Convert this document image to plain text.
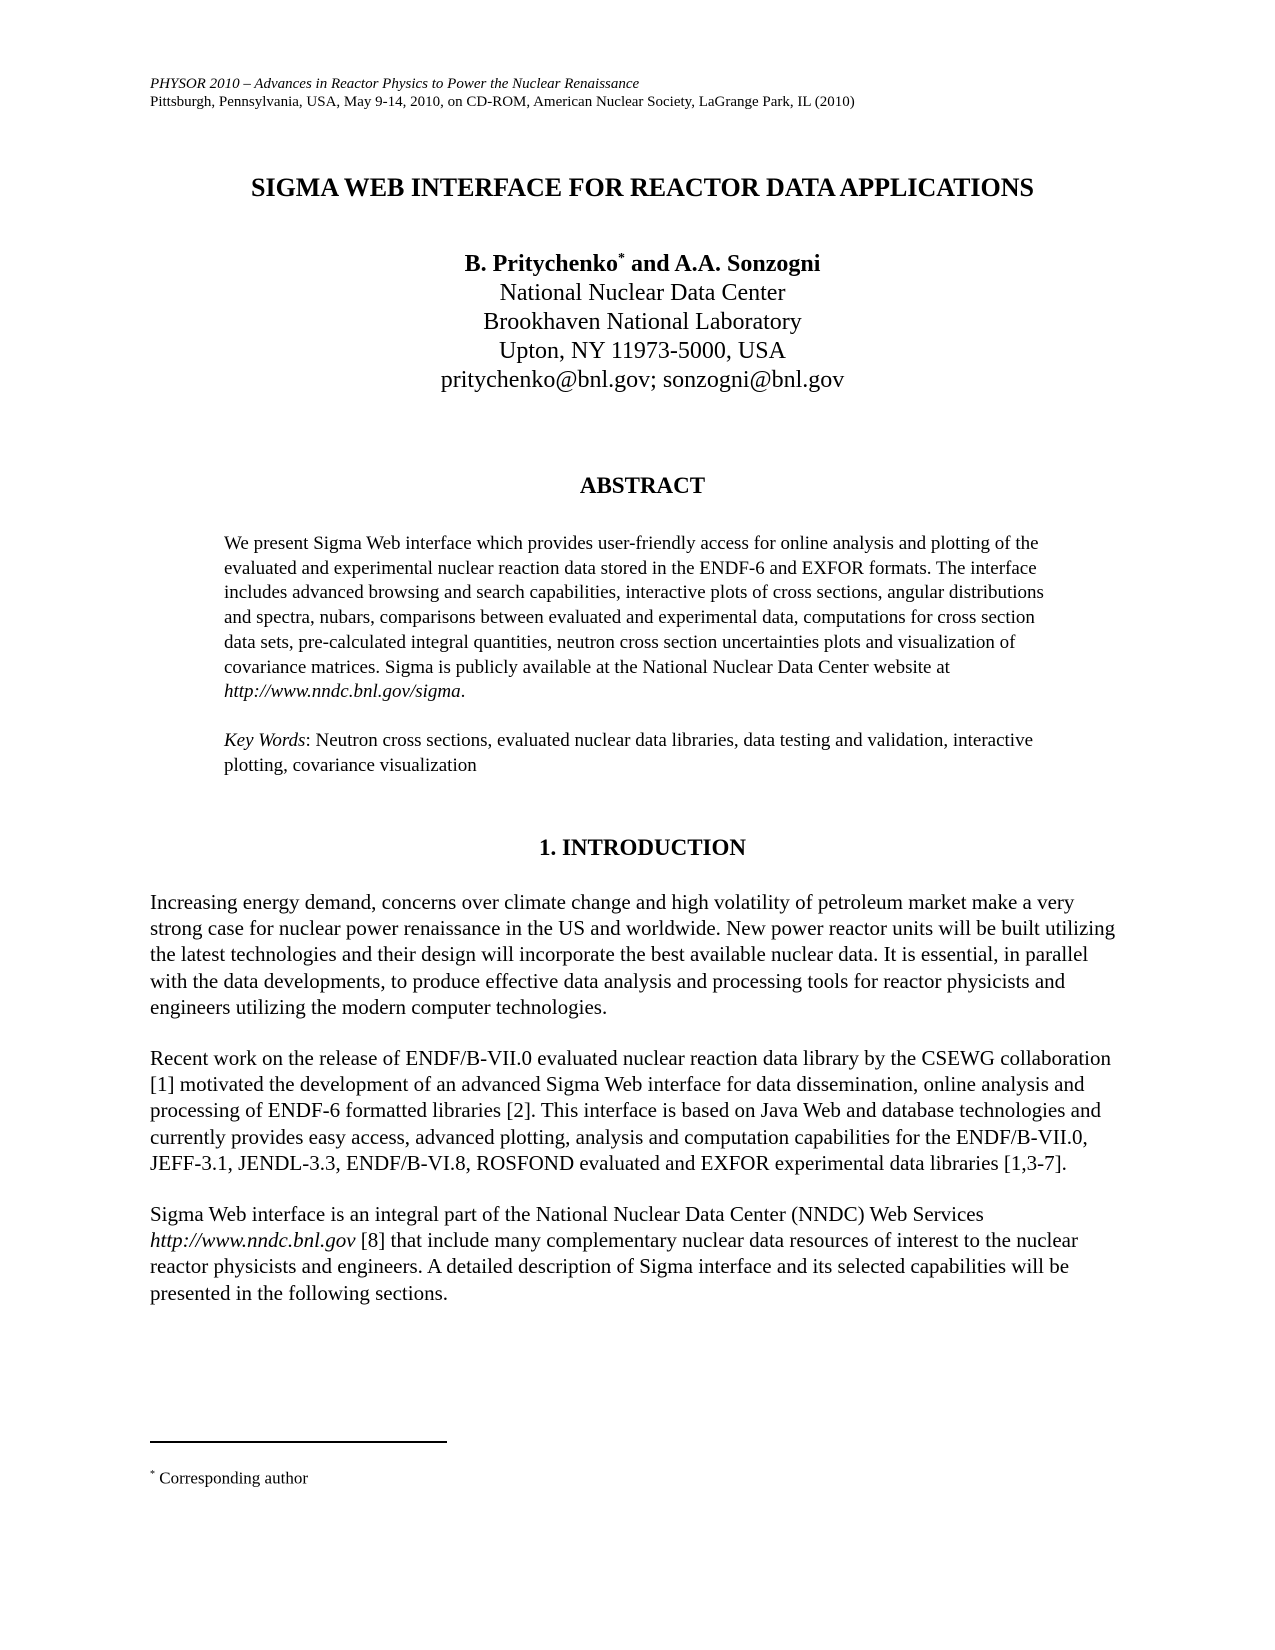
PHYSOR 2010 – Advances in Reactor Physics to Power the Nuclear Renaissance
Pittsburgh, Pennsylvania, USA, May 9-14, 2010, on CD-ROM, American Nuclear Society, LaGrange Park, IL (2010)
SIGMA WEB INTERFACE FOR REACTOR DATA APPLICATIONS
B. Pritychenko* and A.A. Sonzogni
National Nuclear Data Center
Brookhaven National Laboratory
Upton, NY 11973-5000, USA
pritychenko@bnl.gov; sonzogni@bnl.gov
ABSTRACT

We present Sigma Web interface which provides user-friendly access for online analysis and plotting of the evaluated and experimental nuclear reaction data stored in the ENDF-6 and EXFOR formats. The interface includes advanced browsing and search capabilities, interactive plots of cross sections, angular distributions and spectra, nubars, comparisons between evaluated and experimental data, computations for cross section data sets, pre-calculated integral quantities, neutron cross section uncertainties plots and visualization of covariance matrices. Sigma is publicly available at the National Nuclear Data Center website at http://www.nndc.bnl.gov/sigma.

Key Words: Neutron cross sections, evaluated nuclear data libraries, data testing and validation, interactive plotting, covariance visualization

1. INTRODUCTION

Increasing energy demand, concerns over climate change and high volatility of petroleum market make a very strong case for nuclear power renaissance in the US and worldwide. New power reactor units will be built utilizing the latest technologies and their design will incorporate the best available nuclear data. It is essential, in parallel with the data developments, to produce effective data analysis and processing tools for reactor physicists and engineers utilizing the modern computer technologies.

Recent work on the release of ENDF/B-VII.0 evaluated nuclear reaction data library by the CSEWG collaboration [1] motivated the development of an advanced Sigma Web interface for data dissemination, online analysis and processing of ENDF-6 formatted libraries [2]. This interface is based on Java Web and database technologies and currently provides easy access, advanced plotting, analysis and computation capabilities for the ENDF/B-VII.0, JEFF-3.1, JENDL-3.3, ENDF/B-VI.8, ROSFOND evaluated and EXFOR experimental data libraries [1,3-7].

Sigma Web interface is an integral part of the National Nuclear Data Center (NNDC) Web Services http://www.nndc.bnl.gov [8] that include many complementary nuclear data resources of interest to the nuclear reactor physicists and engineers. A detailed description of Sigma interface and its selected capabilities will be presented in the following sections.

* Corresponding author
